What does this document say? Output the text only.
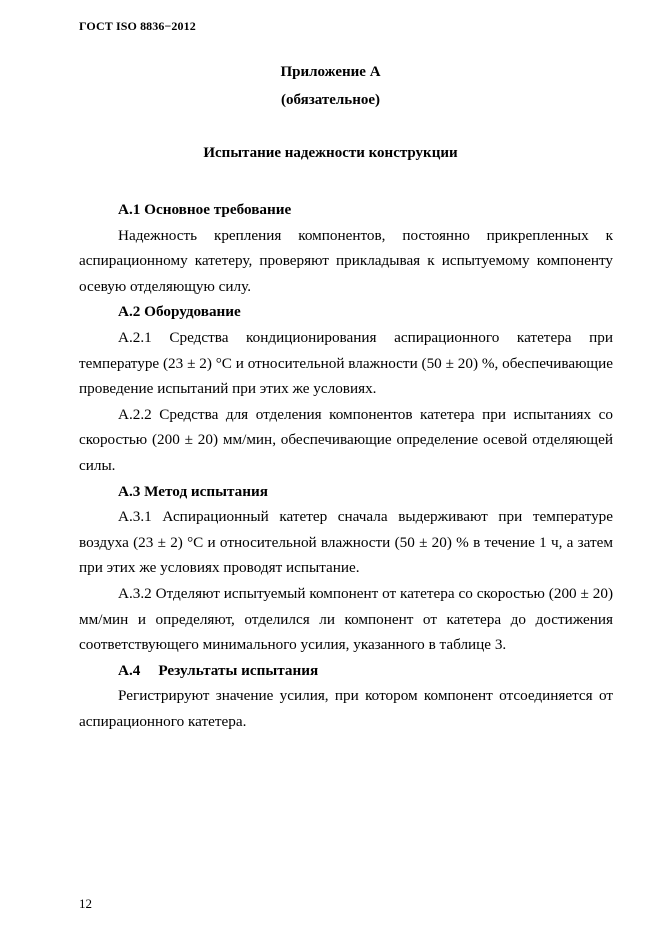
ГОСТ ISO 8836−2012
Приложение А
(обязательное)
Испытание надежности конструкции

А.1 Основное требование

Надежность крепления компонентов, постоянно прикрепленных к аспирационному катетеру, проверяют прикладывая к испытуемому компоненту осевую отделяющую силу.

А.2 Оборудование

А.2.1 Средства кондиционирования аспирационного катетера при температуре (23 ± 2) °С и относительной влажности (50 ± 20) %, обеспечивающие проведение испытаний при этих же условиях.

А.2.2 Средства для отделения компонентов катетера при испытаниях со скоростью (200 ± 20) мм/мин, обеспечивающие определение осевой отделяющей силы.

А.3 Метод испытания

А.3.1 Аспирационный катетер сначала выдерживают при температуре воздуха (23 ± 2) °С и относительной влажности (50 ± 20) % в течение 1 ч, а затем при этих же условиях проводят испытание.

А.3.2 Отделяют испытуемый компонент от катетера со скоростью (200 ± 20) мм/мин и определяют, отделился ли компонент от катетера до достижения соответствующего минимального усилия, указанного в таблице 3.

А.4 Результаты испытания

Регистрируют значение усилия, при котором компонент отсоединяется от аспирационного катетера.

12
